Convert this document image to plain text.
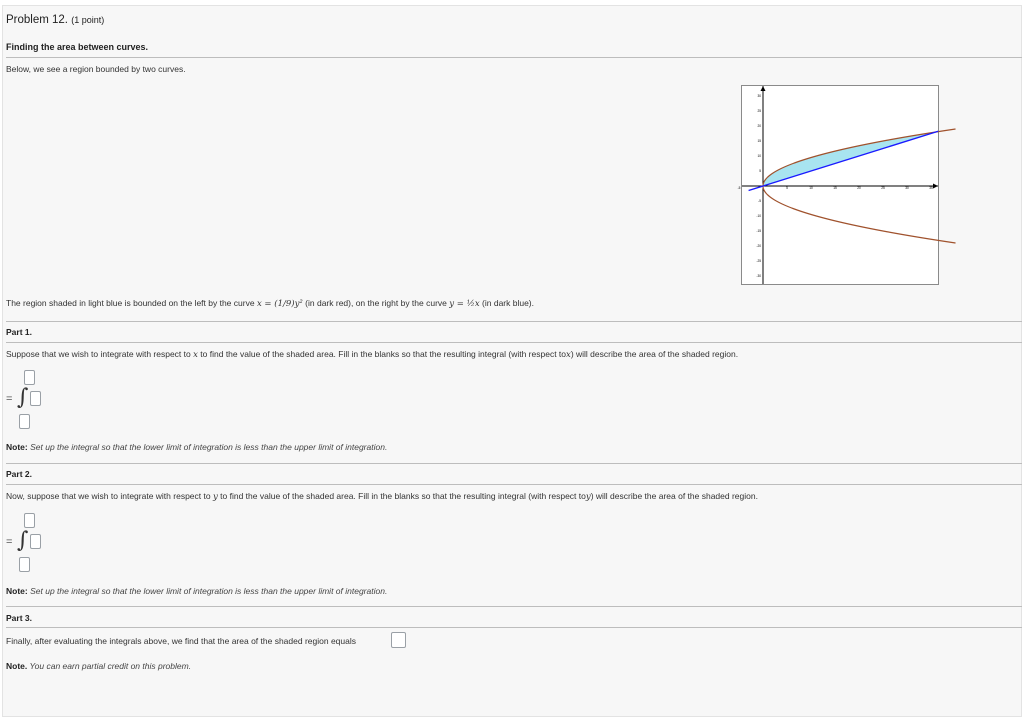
Problem 12. (1 point)
Finding the area between curves.
Below, we see a region bounded by two curves.
-5	5	10	15	20	25	30	35
30
25
20
15
10
5
-5
-10
-15
-20
-25
-30
The region shaded in light blue is bounded on the left by the curve x = (1/9)y² (in dark red), on the right by the curve y = ½x (in dark blue).
Part 1.
Suppose that we wish to integrate with respect to x to find the value of the shaded area. Fill in the blanks so that the resulting integral (with respect tox) will describe the area of the shaded region.
= ∫
Note: Set up the integral so that the lower limit of integration is less than the upper limit of integration.
Part 2.
Now, suppose that we wish to integrate with respect to y to find the value of the shaded area. Fill in the blanks so that the resulting integral (with respect toy) will describe the area of the shaded region.
= ∫
Note: Set up the integral so that the lower limit of integration is less than the upper limit of integration.
Part 3.
Finally, after evaluating the integrals above, we find that the area of the shaded region equals
Note. You can earn partial credit on this problem.
